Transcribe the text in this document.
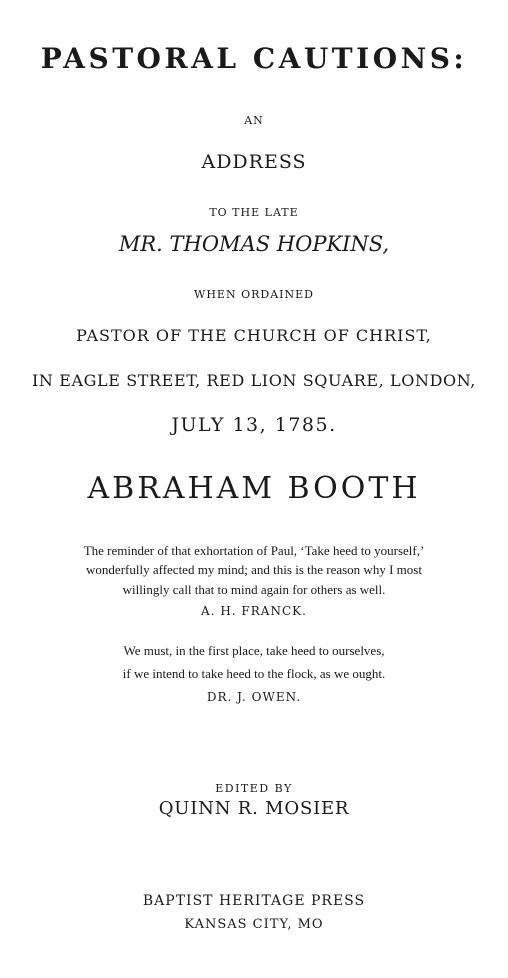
PASTORAL CAUTIONS:
AN
ADDRESS
TO THE LATE
MR. THOMAS HOPKINS,
WHEN ORDAINED
PASTOR OF THE CHURCH OF CHRIST,
IN EAGLE STREET, RED LION SQUARE, LONDON,
JULY 13, 1785.
ABRAHAM BOOTH
The reminder of that exhortation of Paul, ‘Take heed to yourself,’
wonderfully affected my mind; and this is the reason why I most
willingly call that to mind again for others as well.
A. H. FRANCK.
We must, in the first place, take heed to ourselves,
if we intend to take heed to the flock, as we ought.
DR. J. OWEN.
EDITED BY
QUINN R. MOSIER
BAPTIST HERITAGE PRESS
KANSAS CITY, MO
